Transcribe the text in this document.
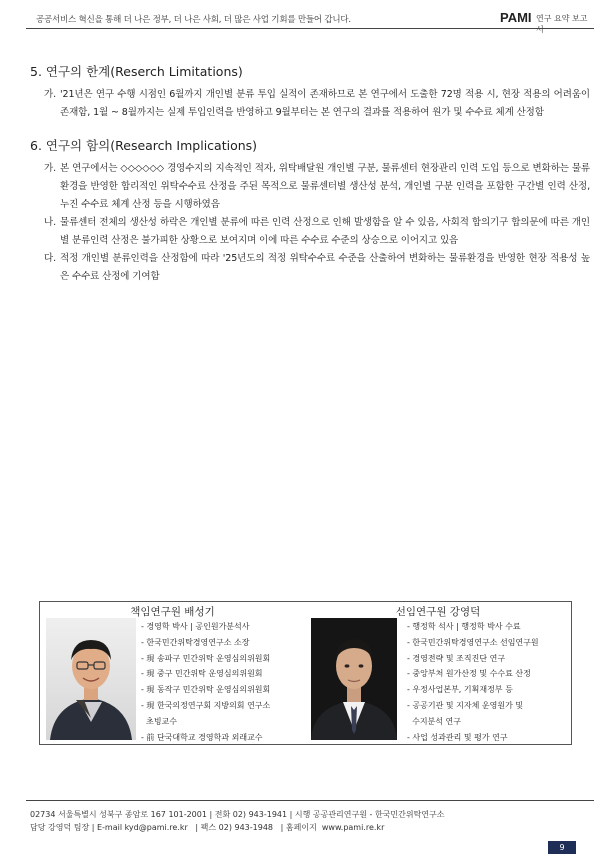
공공서비스 혁신을 통해 더 나은 정부, 더 나은 사회, 더 많은 사업 기회를 만들어 갑니다.	PAMI 연구 요약 보고서
5. 연구의 한계(Reserch Limitations)

가. '21년은 연구 수행 시점인 6월까지 개인별 분류 투입 실적이 존재하므로 본 연구에서 도출한 72명 적용 시, 현장 적용의 어려움이 존재함, 1월 ~ 8월까지는 실제 투입인력을 반영하고 9월부터는 본 연구의 결과를 적용하여 원가 및 수수료 체계 산정함

6. 연구의 함의(Research Implications)

가. 본 연구에서는 ◇◇◇◇◇◇ 경영수지의 지속적인 적자, 위탁배달원 개인별 구분, 물류센터 현장관리 인력 도입 등으로 변화하는 물류 환경을 반영한 합리적인 위탁수수료 산정을 주된 목적으로 물류센터별 생산성 분석, 개인별 구분 인력을 포함한 구간별 인력 산정, 누진 수수료 체계 산정 등을 시행하였음

나. 물류센터 전체의 생산성 하락은 개인별 분류에 따른 인력 산정으로 인해 발생함을 알 수 있음, 사회적 합의기구 합의문에 따른 개인별 분류인력 산정은 불가피한 상황으로 보여지며 이에 따른 수수료 수준의 상승으로 이어지고 있음

다. 적정 개인별 분류인력을 산정함에 따라 '25년도의 적정 위탁수수료 수준을 산출하여 변화하는 물류환경을 반영한 현장 적용성 높은 수수료 산정에 기여함

책임연구원 배성기
- 경영학 박사 | 공인원가분석사
- 한국민간위탁경영연구소 소장
- 現 송파구 민간위탁 운영심의위원회
- 現 중구 민간위탁 운영심의위원회
- 現 동작구 민간위탁 운영심의위원회
- 現 한국의정연구회 지방의회 연구소
초빙교수
- 前 단국대학교 경영학과 외래교수
선임연구원 강영덕
- 행정학 석사 | 행정학 박사 수료
- 한국민간위탁경영연구소 선임연구원
- 경영전략 및 조직진단 연구
- 중앙부처 원가산정 및 수수료 산정
- 우정사업본부, 기획재정부 등
- 공공기관 및 지자체 운영원가 및
수지분석 연구
- 사업 성과관리 및 평가 연구
02734 서울특별시 성북구 종암로 167 101-2001 | 전화 02) 943-1941 | 시행 공공관리연구원 - 한국민간위탁연구소
담당 강영덕 팀장 | E-mail kyd@pami.re.kr   | 팩스 02) 943-1948   | 홈페이지  www.pami.re.kr
9
